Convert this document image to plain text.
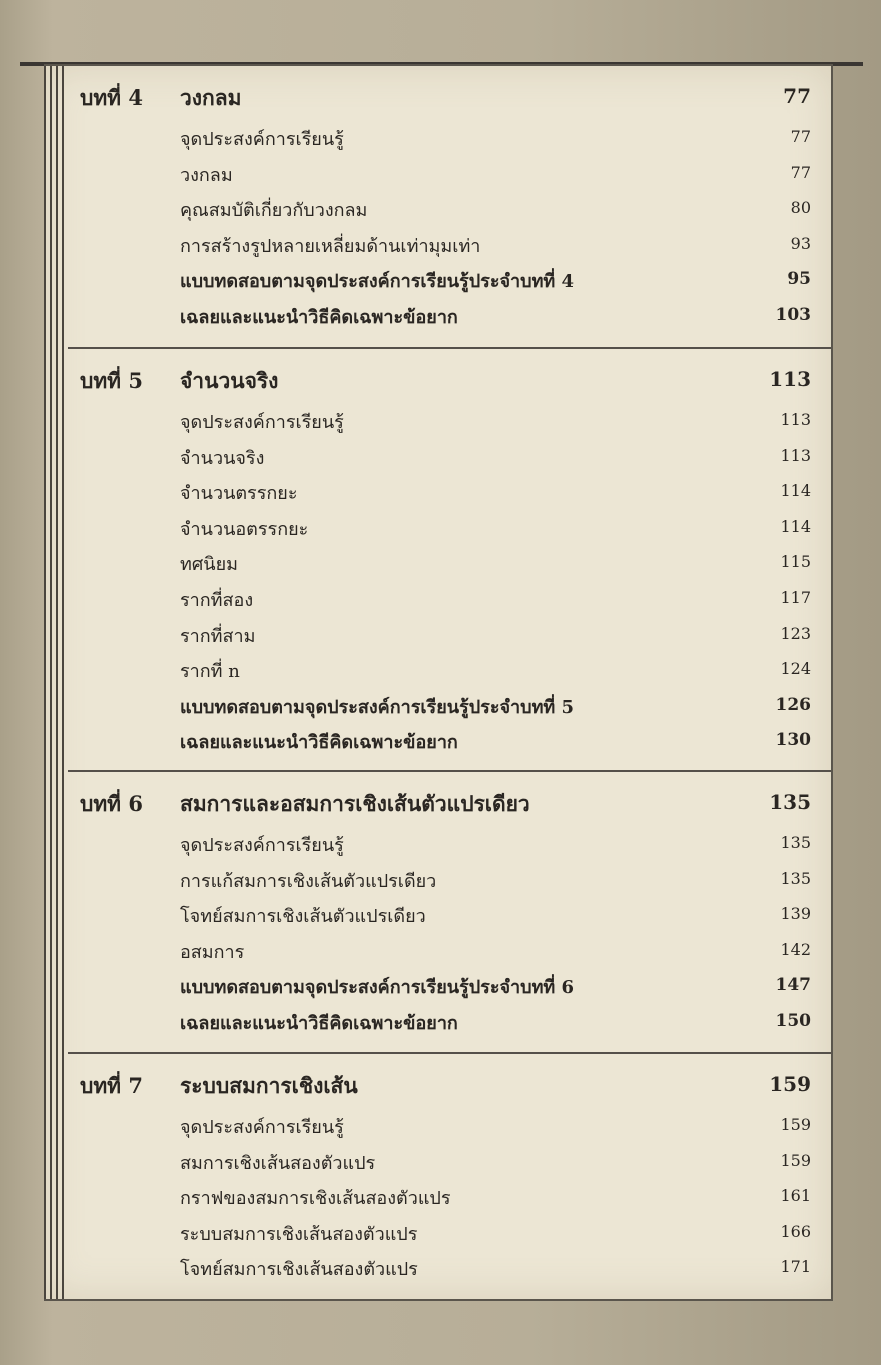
บทที่ 4 วงกลม	77
จุดประสงค์การเรียนรู้	77
วงกลม	77
คุณสมบัติเกี่ยวกับวงกลม	80
การสร้างรูปหลายเหลี่ยมด้านเท่ามุมเท่า	93
แบบทดสอบตามจุดประสงค์การเรียนรู้ประจำบทที่ 4	95
เฉลยและแนะนำวิธีคิดเฉพาะข้อยาก	103
บทที่ 5 จำนวนจริง	113
จุดประสงค์การเรียนรู้	113
จำนวนจริง	113
จำนวนตรรกยะ	114
จำนวนอตรรกยะ	114
ทศนิยม	115
รากที่สอง	117
รากที่สาม	123
รากที่ n	124
แบบทดสอบตามจุดประสงค์การเรียนรู้ประจำบทที่ 5	126
เฉลยและแนะนำวิธีคิดเฉพาะข้อยาก	130
บทที่ 6 สมการและอสมการเชิงเส้นตัวแปรเดียว	135
จุดประสงค์การเรียนรู้	135
การแก้สมการเชิงเส้นตัวแปรเดียว	135
โจทย์สมการเชิงเส้นตัวแปรเดียว	139
อสมการ	142
แบบทดสอบตามจุดประสงค์การเรียนรู้ประจำบทที่ 6	147
เฉลยและแนะนำวิธีคิดเฉพาะข้อยาก	150
บทที่ 7 ระบบสมการเชิงเส้น	159
จุดประสงค์การเรียนรู้	159
สมการเชิงเส้นสองตัวแปร	159
กราฟของสมการเชิงเส้นสองตัวแปร	161
ระบบสมการเชิงเส้นสองตัวแปร	166
โจทย์สมการเชิงเส้นสองตัวแปร	171
